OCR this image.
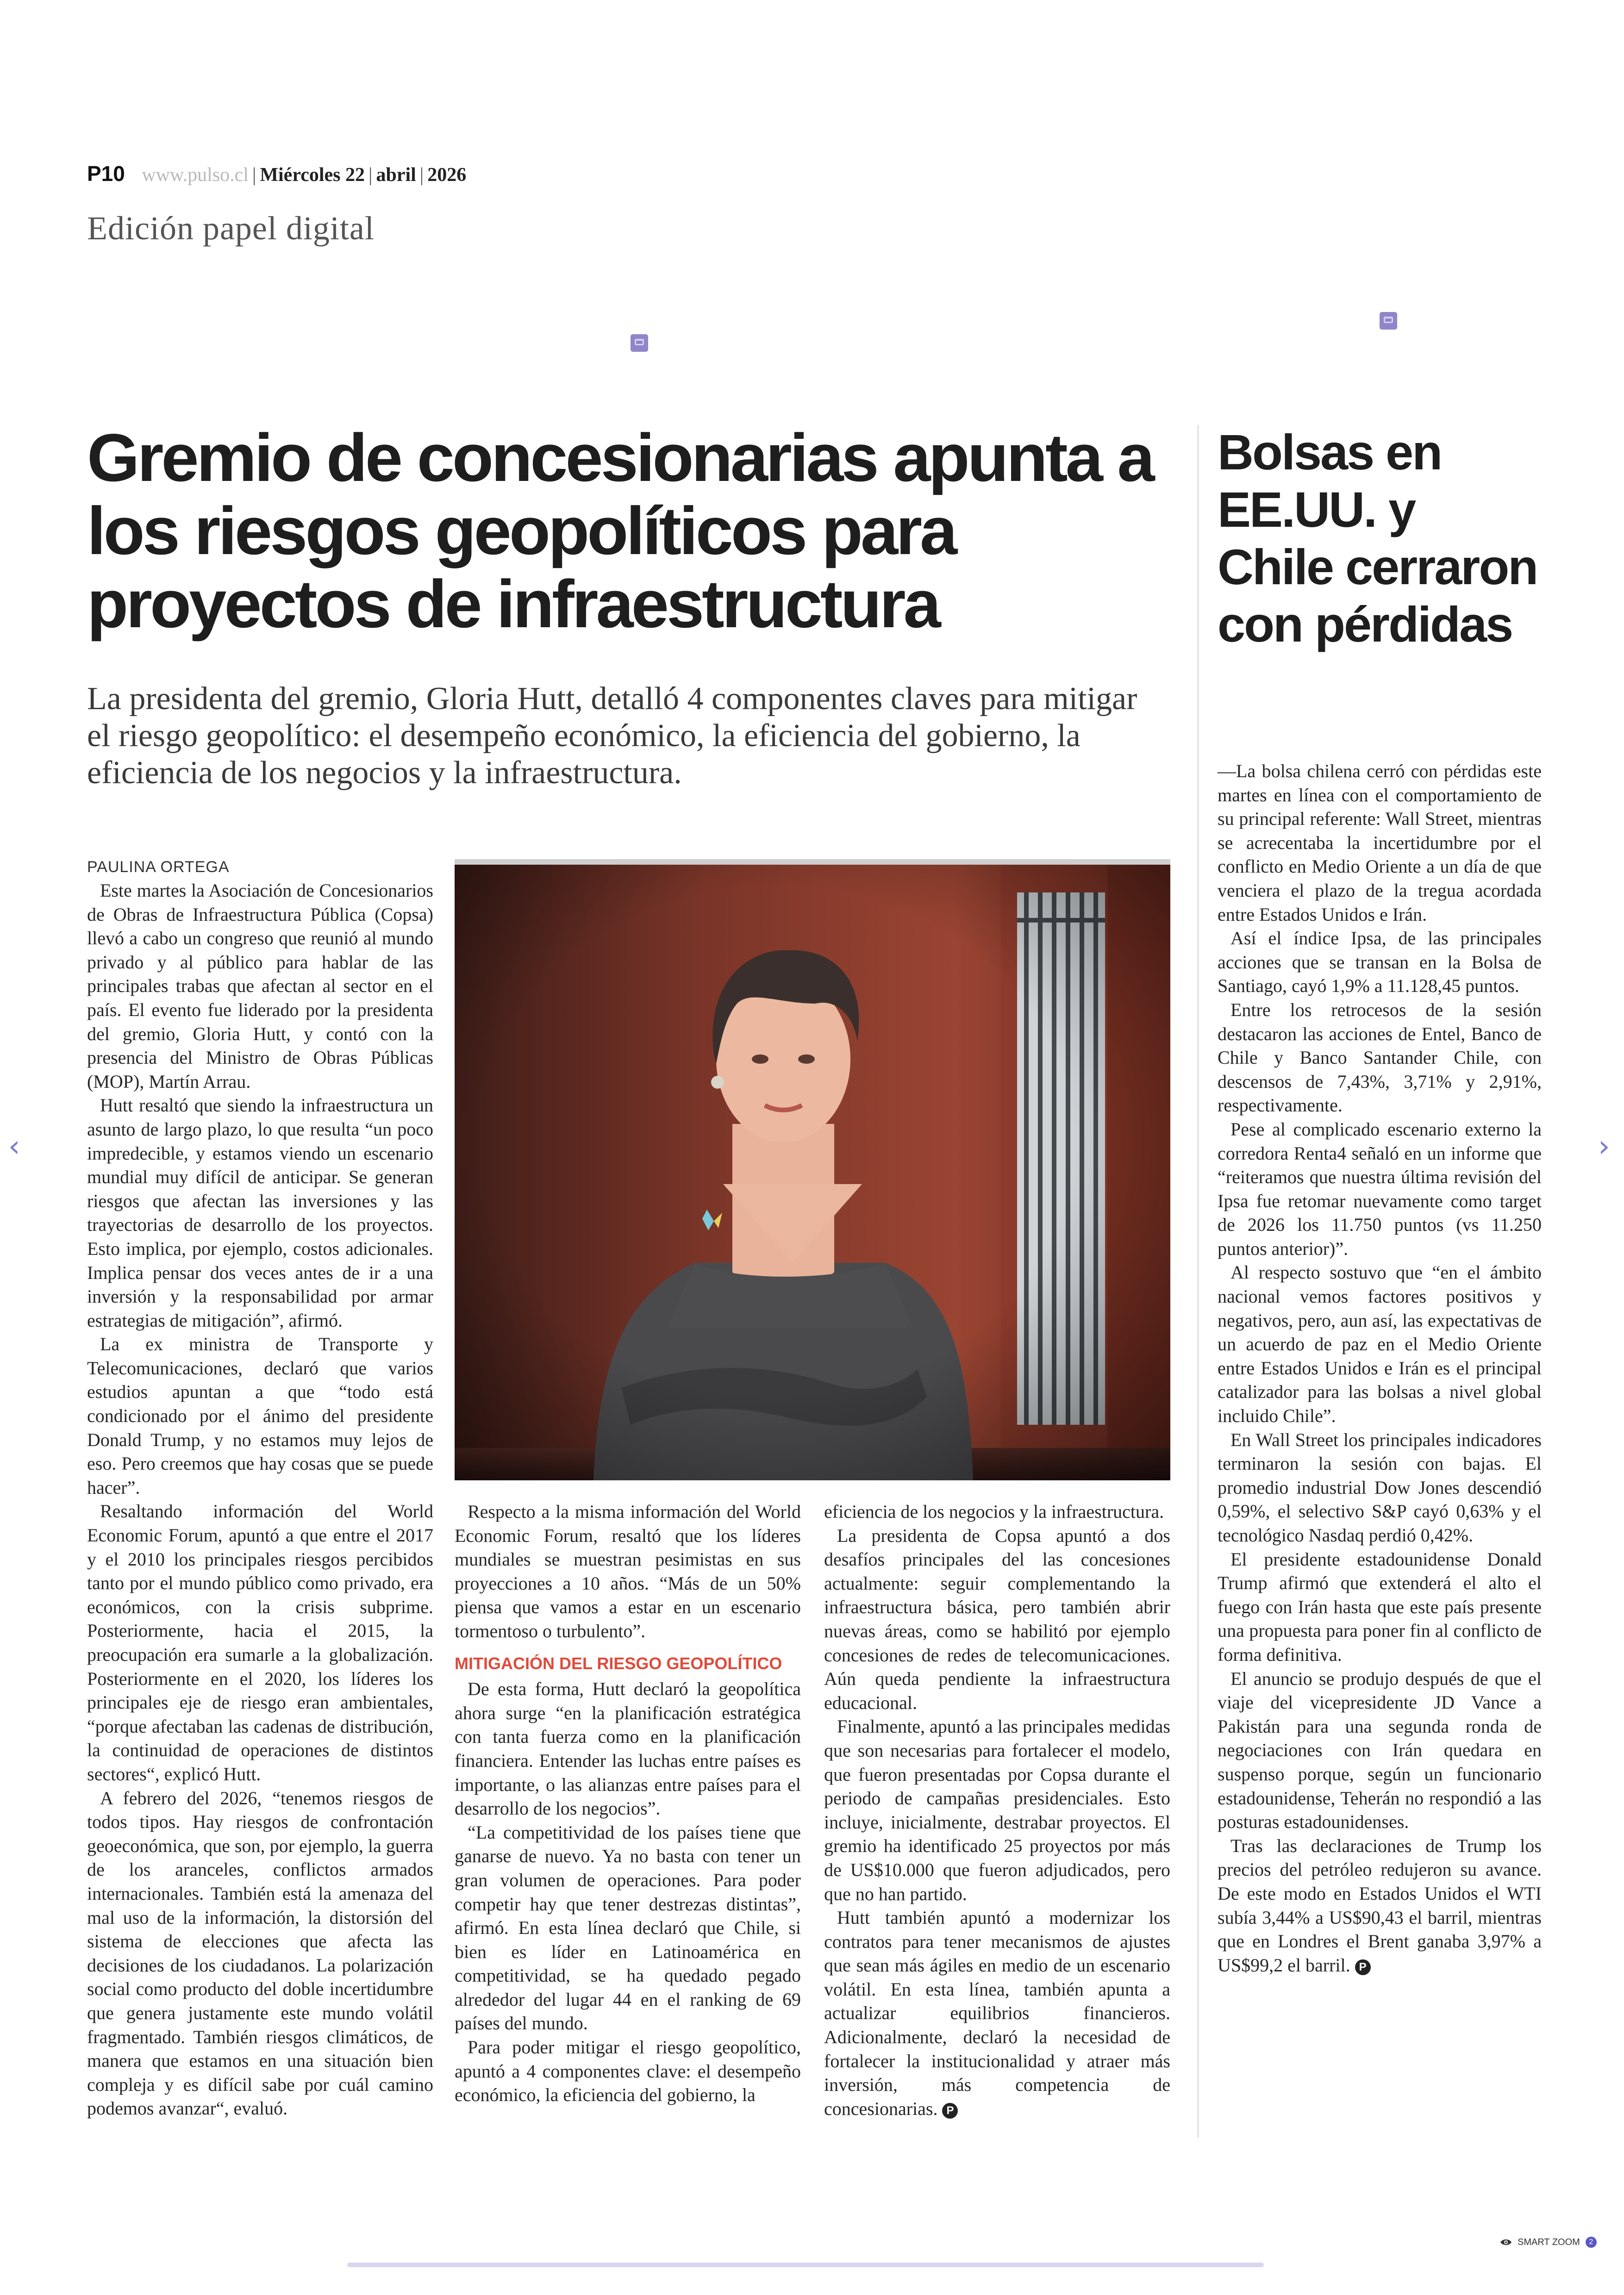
P10 www.pulso.cl | Miércoles 22 | abril | 2026
Edición papel digital
Gremio de concesionarias apunta a los riesgos geopolíticos para proyectos de infraestructura

La presidenta del gremio, Gloria Hutt, detalló 4 componentes claves para mitigar el riesgo geopolítico: el desempeño económico, la eficiencia del gobierno, la eficiencia de los negocios y la infraestructura.

PAULINA ORTEGA

Este martes la Asociación de Concesionarios de Obras de Infraestructura Pública (Copsa) llevó a cabo un congreso que reunió al mundo privado y al público para hablar de las principales trabas que afectan al sector en el país. El evento fue liderado por la presidenta del gremio, Gloria Hutt, y contó con la presencia del Ministro de Obras Públicas (MOP), Martín Arrau.

Hutt resaltó que siendo la infraestructura un asunto de largo plazo, lo que resulta “un poco impredecible, y estamos viendo un escenario mundial muy difícil de anticipar. Se generan riesgos que afectan las inversiones y las trayectorias de desarrollo de los proyectos. Esto implica, por ejemplo, costos adicionales. Implica pensar dos veces antes de ir a una inversión y la responsabilidad por armar estrategias de mitigación”, afirmó.

La ex ministra de Transporte y Telecomunicaciones, declaró que varios estudios apuntan a que “todo está condicionado por el ánimo del presidente Donald Trump, y no estamos muy lejos de eso. Pero creemos que hay cosas que se puede hacer”.

Resaltando información del World Economic Forum, apuntó a que entre el 2017 y el 2010 los principales riesgos percibidos tanto por el mundo público como privado, era económicos, con la crisis subprime. Posteriormente, hacia el 2015, la preocupación era sumarle a la globalización. Posteriormente en el 2020, los líderes los principales eje de riesgo eran ambientales, “porque afectaban las cadenas de distribución, la continuidad de operaciones de distintos sectores“, explicó Hutt.

A febrero del 2026, “tenemos riesgos de todos tipos. Hay riesgos de confrontación geoeconómica, que son, por ejemplo, la guerra de los aranceles, conflictos armados internacionales. También está la amenaza del mal uso de la información, la distorsión del sistema de elecciones que afecta las decisiones de los ciudadanos. La polarización social como producto del doble incertidumbre que genera justamente este mundo volátil fragmentado. También riesgos climáticos, de manera que estamos en una situación bien compleja y es difícil sabe por cuál camino podemos avanzar“, evaluó.

Respecto a la misma información del World Economic Forum, resaltó que los líderes mundiales se muestran pesimistas en sus proyecciones a 10 años. “Más de un 50% piensa que vamos a estar en un escenario tormentoso o turbulento”.

MITIGACIÓN DEL RIESGO GEOPOLÍTICO

De esta forma, Hutt declaró la geopolítica ahora surge “en la planificación estratégica con tanta fuerza como en la planificación financiera. Entender las luchas entre países es importante, o las alianzas entre países para el desarrollo de los negocios”.

“La competitividad de los países tiene que ganarse de nuevo. Ya no basta con tener un gran volumen de operaciones. Para poder competir hay que tener destrezas distintas”, afirmó. En esta línea declaró que Chile, si bien es líder en Latinoamérica en competitividad, se ha quedado pegado alrededor del lugar 44 en el ranking de 69 países del mundo.

Para poder mitigar el riesgo geopolítico, apuntó a 4 componentes clave: el desempeño económico, la eficiencia del gobierno, la

eficiencia de los negocios y la infraestructura.

La presidenta de Copsa apuntó a dos desafíos principales del las concesiones actualmente: seguir complementando la infraestructura básica, pero también abrir nuevas áreas, como se habilitó por ejemplo concesiones de redes de telecomunicaciones. Aún queda pendiente la infraestructura educacional.

Finalmente, apuntó a las principales medidas que son necesarias para fortalecer el modelo, que fueron presentadas por Copsa durante el periodo de campañas presidenciales. Esto incluye, inicialmente, destrabar proyectos. El gremio ha identificado 25 proyectos por más de US$10.000 que fueron adjudicados, pero que no han partido.

Hutt también apuntó a modernizar los contratos para tener mecanismos de ajustes que sean más ágiles en medio de un escenario volátil. En esta línea, también apunta a actualizar equilibrios financieros. Adicionalmente, declaró la necesidad de fortalecer la institucionalidad y atraer más inversión, más competencia de concesionarias. P

Bolsas en EE.UU. y Chile cerraron con pérdidas

—La bolsa chilena cerró con pérdidas este martes en línea con el comportamiento de su principal referente: Wall Street, mientras se acrecentaba la incertidumbre por el conflicto en Medio Oriente a un día de que venciera el plazo de la tregua acordada entre Estados Unidos e Irán.

Así el índice Ipsa, de las principales acciones que se transan en la Bolsa de Santiago, cayó 1,9% a 11.128,45 puntos.

Entre los retrocesos de la sesión destacaron las acciones de Entel, Banco de Chile y Banco Santander Chile, con descensos de 7,43%, 3,71% y 2,91%, respectivamente.

Pese al complicado escenario externo la corredora Renta4 señaló en un informe que “reiteramos que nuestra última revisión del Ipsa fue retomar nuevamente como target de 2026 los 11.750 puntos (vs 11.250 puntos anterior)”.

Al respecto sostuvo que “en el ámbito nacional vemos factores positivos y negativos, pero, aun así, las expectativas de un acuerdo de paz en el Medio Oriente entre Estados Unidos e Irán es el principal catalizador para las bolsas a nivel global incluido Chile”.

En Wall Street los principales indicadores terminaron la sesión con bajas. El promedio industrial Dow Jones descendió 0,59%, el selectivo S&P cayó 0,63% y el tecnológico Nasdaq perdió 0,42%.

El presidente estadounidense Donald Trump afirmó que extenderá el alto el fuego con Irán hasta que este país presente una propuesta para poner fin al conflicto de forma definitiva.

El anuncio se produjo después de que el viaje del vicepresidente JD Vance a Pakistán para una segunda ronda de negociaciones con Irán quedara en suspenso porque, según un funcionario estadounidense, Teherán no respondió a las posturas estadounidenses.

Tras las declaraciones de Trump los precios del petróleo redujeron su avance. De este modo en Estados Unidos el WTI subía 3,44% a US$90,43 el barril, mientras que en Londres el Brent ganaba 3,97% a US$99,2 el barril. P

‹	›
SMART ZOOM	2
